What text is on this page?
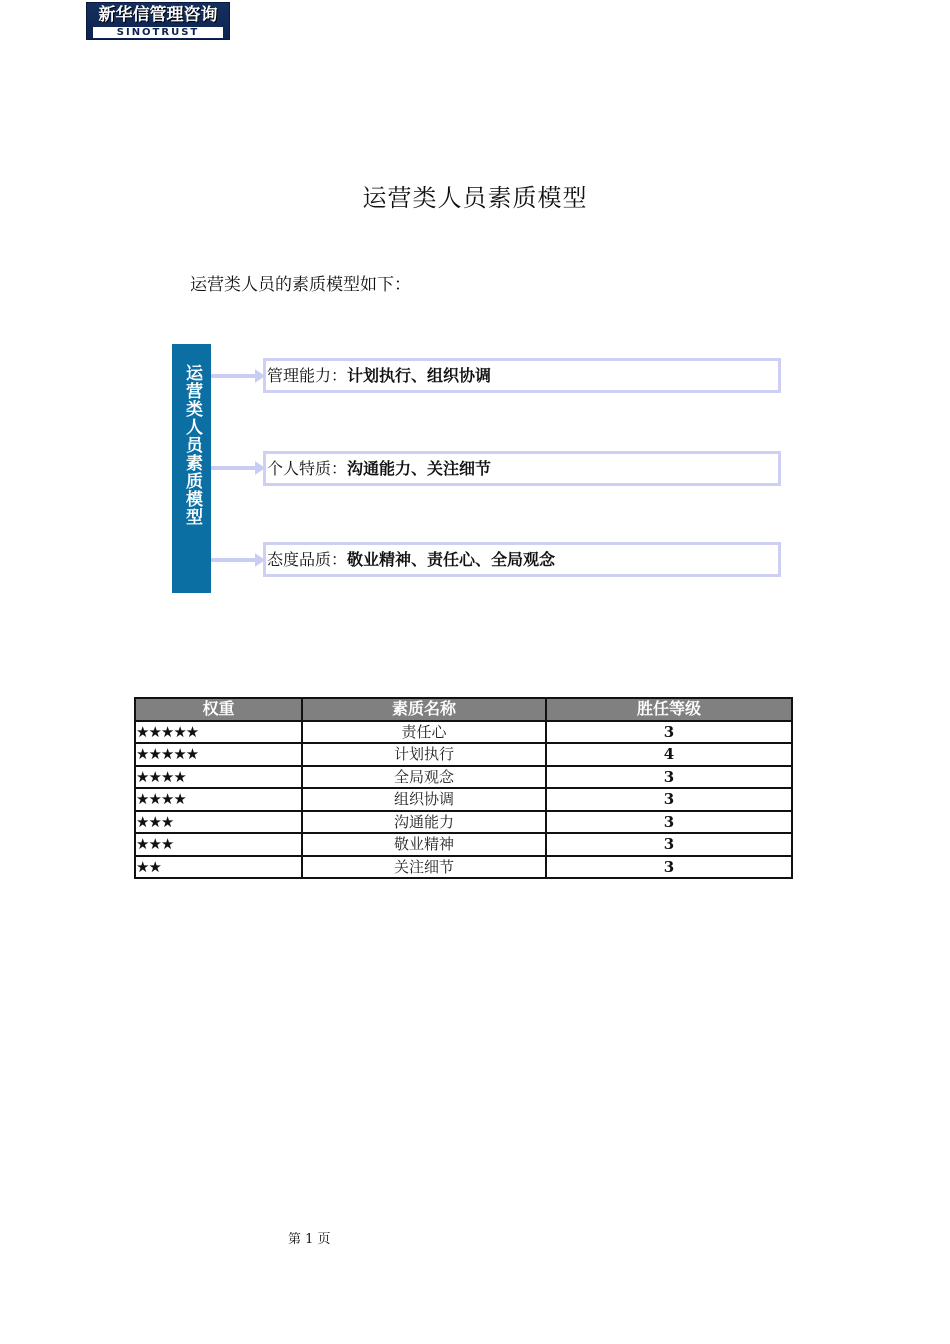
新华信管理咨询
SINOTRUST
运营类人员素质模型
运营类人员的素质模型如下：
运营类人员素质模型	管理能力：计划执行、组织协调
个人特质：沟通能力、关注细节
态度品质：敬业精神、责任心、全局观念
权重	素质名称	胜任等级
★★★★★	责任心	3
★★★★★	计划执行	4
★★★★	全局观念	3
★★★★	组织协调	3
★★★	沟通能力	3
★★★	敬业精神	3
★★	关注细节	3
第 1 页
